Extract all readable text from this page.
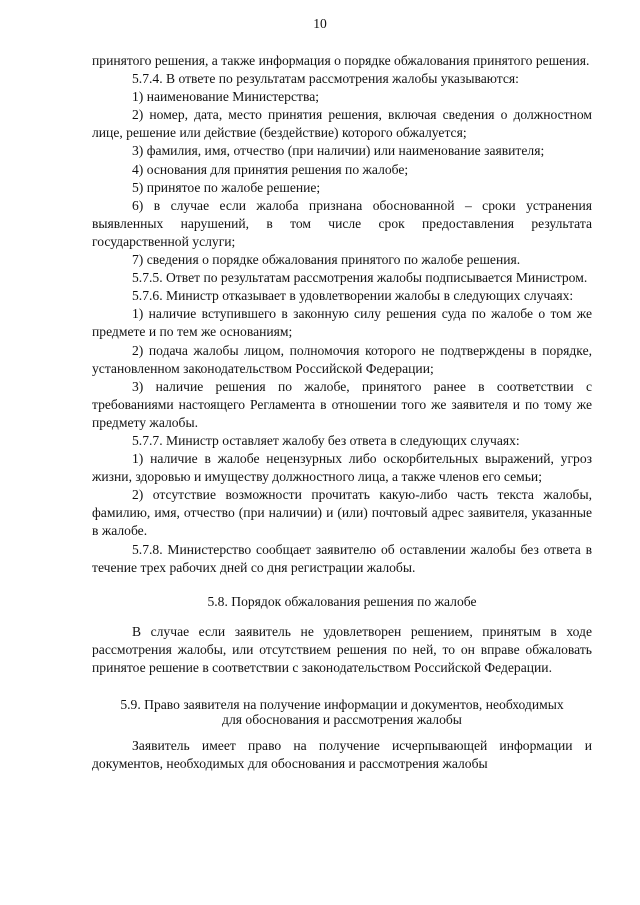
10

принятого решения, а также информация о порядке обжалования принятого решения.

5.7.4. В ответе по результатам рассмотрения жалобы указываются:

1) наименование Министерства;

2) номер, дата, место принятия решения, включая сведения о должностном лице, решение или действие (бездействие) которого обжалуется;

3) фамилия, имя, отчество (при наличии) или наименование заявителя;

4) основания для принятия решения по жалобе;

5) принятое по жалобе решение;

6) в случае если жалоба признана обоснованной – сроки устранения выявленных нарушений, в том числе срок предоставления результата государственной услуги;

7) сведения о порядке обжалования принятого по жалобе решения.

5.7.5. Ответ по результатам рассмотрения жалобы подписывается Министром.

5.7.6. Министр отказывает в удовлетворении жалобы в следующих случаях:

1) наличие вступившего в законную силу решения суда по жалобе о том же предмете и по тем же основаниям;

2) подача жалобы лицом, полномочия которого не подтверждены в порядке, установленном законодательством Российской Федерации;

3) наличие решения по жалобе, принятого ранее в соответствии с требованиями настоящего Регламента в отношении того же заявителя и по тому же предмету жалобы.

5.7.7. Министр оставляет жалобу без ответа в следующих случаях:

1) наличие в жалобе нецензурных либо оскорбительных выражений, угроз жизни, здоровью и имуществу должностного лица, а также членов его семьи;

2) отсутствие возможности прочитать какую-либо часть текста жалобы, фамилию, имя, отчество (при наличии) и (или) почтовый адрес заявителя, указанные в жалобе.

5.7.8. Министерство сообщает заявителю об оставлении жалобы без ответа в течение трех рабочих дней со дня регистрации жалобы.

5.8. Порядок обжалования решения по жалобе

В случае если заявитель не удовлетворен решением, принятым в ходе рассмотрения жалобы, или отсутствием решения по ней, то он вправе обжаловать принятое решение в соответствии с законодательством Российской Федерации.

5.9. Право заявителя на получение информации и документов, необходимых

для обоснования и рассмотрения жалобы

Заявитель имеет право на получение исчерпывающей информации и документов, необходимых для обоснования и рассмотрения жалобы
